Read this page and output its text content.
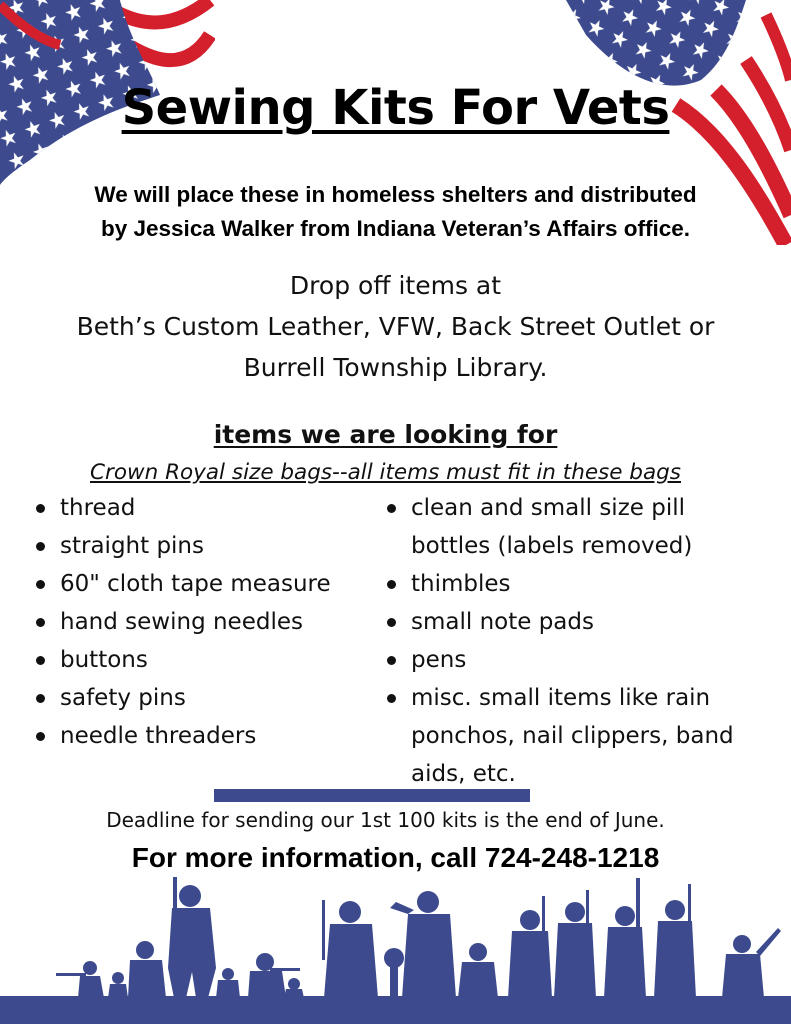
Sewing Kits For Vets
We will place these in homeless shelters and distributed
by Jessica Walker from Indiana Veteran’s Affairs office.
Drop off items at
Beth’s Custom Leather, VFW, Back Street Outlet or
Burrell Township Library.
items we are looking for
Crown Royal size bags--all items must fit in these bags
thread
straight pins
60" cloth tape measure
hand sewing needles
buttons
safety pins
needle threaders
clean and small size pill bottles (labels removed)
thimbles
small note pads
pens
misc. small items like rain ponchos, nail clippers, band aids, etc.
Deadline for sending our 1st 100 kits is the end of June.
For more information, call 724-248-1218
